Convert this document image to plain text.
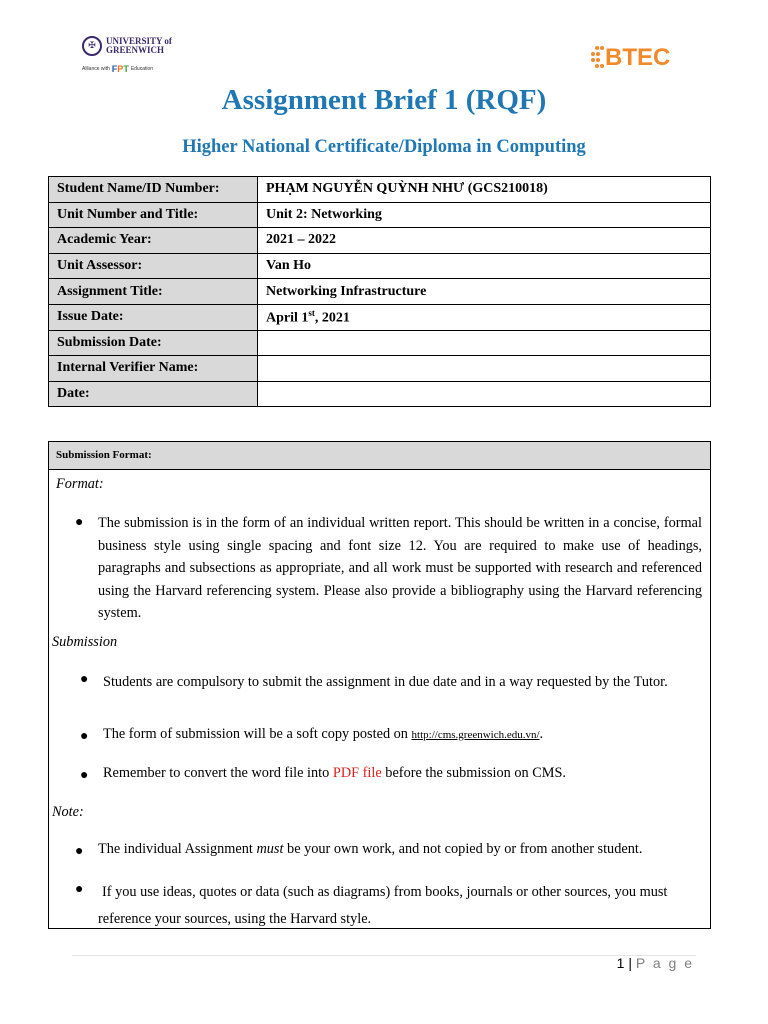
✠	UNIVERSITY of
GREENWICH
Alliance with FPT Education	BTEC
Assignment Brief 1 (RQF)
Higher National Certificate/Diploma in Computing
Student Name/ID Number:	PHẠM NGUYỄN QUỲNH NHƯ (GCS210018)
Unit Number and Title:	Unit 2: Networking
Academic Year:	2021 – 2022
Unit Assessor:	Van Ho
Assignment Title:	Networking Infrastructure
Issue Date:	April 1st, 2021
Submission Date:	
Internal Verifier Name:	
Date:	
Submission Format:
Format:
● The submission is in the form of an individual written report. This should be written in a concise, formal business style using single spacing and font size 12. You are required to make use of headings, paragraphs and subsections as appropriate, and all work must be supported with research and referenced using the Harvard referencing system. Please also provide a bibliography using the Harvard referencing system.
Submission
● Students are compulsory to submit the assignment in due date and in a way requested by the Tutor.
● The form of submission will be a soft copy posted on http://cms.greenwich.edu.vn/.
● Remember to convert the word file into PDF file before the submission on CMS.
Note:
● The individual Assignment must be your own work, and not copied by or from another student.
● If you use ideas, quotes or data (such as diagrams) from books, journals or other sources, you must reference your sources, using the Harvard style.
1 | P a g e
